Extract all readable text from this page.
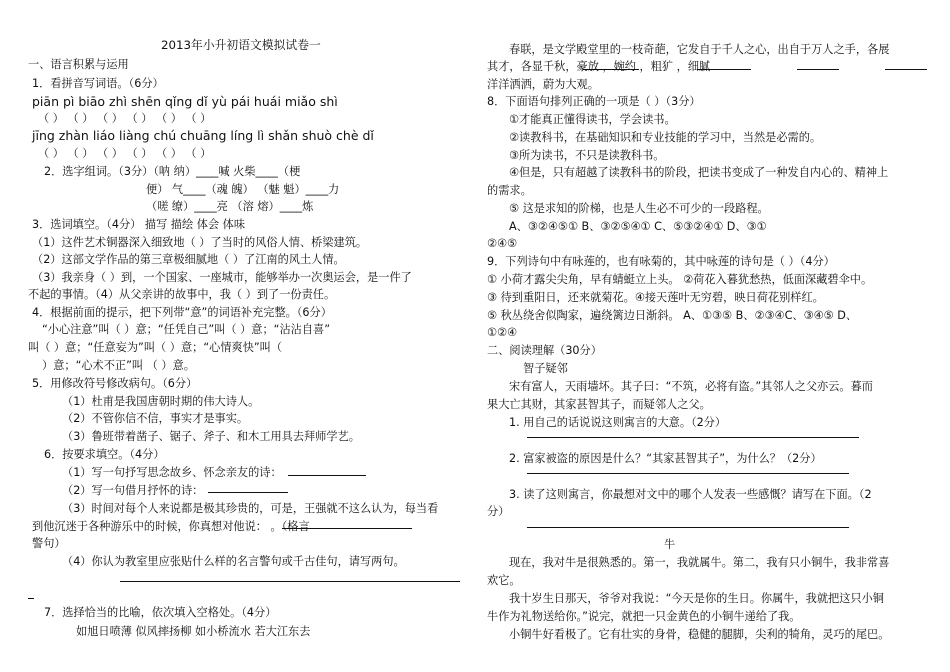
2013年小升初语文模拟试卷一
一、语言积累与运用
1．看拼音写词语。（6分）
piān pì biāo zhì shēn qǐng dǐ yù pái huái miǎo shì
（ ） （ ） （ ） （ ） （ ） （ ）
jīng zhàn liáo liàng chú chuāng líng lì shǎn shuò chè dǐ
（ ） （ ） （ ） （ ） （ ） （ ）
2．选字组词。（3分）（呐 纳）____喊 火柴____（梗
便） 气____（魂 魄） （魅 魁）____力
（嗟 缭）____亮 （溶 熔）____炼
3．选词填空。（4分） 描写 描绘 体会 体味
（1）这件艺术铜器深入细致地（ ）了当时的风俗人情、桥梁建筑。
（2）这部文学作品的第三章极细腻地（ ）了江南的风土人情。
（3）我亲身（ ）到，一个国家、一座城市，能够举办一次奥运会，是一件了
不起的事情。（4）从父亲讲的故事中，我（ ）到了一份责任。
4．根据前面的提示，把下列带“意”的词语补充完整。（6分）
“小心注意”叫（ ）意；“任凭自己”叫（ ）意；“沾沾自喜”
叫（ ）意；“任意妄为”叫（ ）意；“心情爽快”叫（
）意；“心术不正”叫 （ ）意。
5．用修改符号修改病句。（6分）
（1）杜甫是我国唐朝时期的伟大诗人。
（2）不管你信不信，事实才是事实。
（3）鲁班带着凿子、锯子、斧子、和木工用具去拜师学艺。
6．按要求填空。（4分）
（1）写一句抒写思念故乡、怀念亲友的诗：
（2）写一句借月抒怀的诗：
（3）时间对每个人来说都是极其珍贵的，可是，王强就不这么认为，每当看
到他沉迷于各种游乐中的时候，你真想对他说： 。（格言
警句）
（4）你认为教室里应张贴什么样的名言警句或千古佳句，请写两句。
7．选择恰当的比喻，依次填入空格处。（4分）
如旭日喷薄 似风摔扬柳 如小桥流水 若大江东去
春联，是文学殿堂里的一枝奇葩，它发自于千人之心，出自于万人之手，各展
其才，各显千秋，豪放 ，婉约 ，粗犷 ，细腻
洋洋洒洒，蔚为大观。
8．下面语句排列正确的一项是（ ）（3分）
①才能真正懂得读书，学会读书。
②读教科书，在基础知识和专业技能的学习中，当然是必需的。
③所为读书，不只是读教科书。
④但是，只有超越了读教科书的阶段，把读书变成了一种发自内心的、精神上
的需求。
⑤ 这是求知的阶梯，也是人生必不可少的一段路程。
A、③②④⑤① B、③②⑤④① C、⑤③②④① D、③①
②④⑤
9．下列诗句中有咏莲的，也有咏菊的，其中咏莲的诗句是（ ）（4分）
① 小荷才露尖尖角，早有蜻蜓立上头。 ②荷花入暮犹愁热，低面深藏碧伞中。
③ 待到重阳日，还来就菊花。④接天莲叶无穷碧，映日荷花别样红。
⑤ 秋丛绕舍似陶家，遍绕篱边日渐斜。 A、①③⑤ B、②③④C、③④⑤ D、
①②④
二、阅读理解（30分）
智子疑邻
宋有富人，天雨墙坏。其子曰：“不筑，必将有盗。”其邻人之父亦云。暮而
果大亡其财，其家甚智其子，而疑邻人之父。
1. 用自己的话说说这则寓言的大意。（2分）
2. 富家被盗的原因是什么？“其家甚智其子”，为什么？（2分）
3. 读了这则寓言，你最想对文中的哪个人发表一些感慨？请写在下面。（2
分）
牛
现在，我对牛是很熟悉的。第一，我就属牛。第二，我有只小铜牛，我非常喜
欢它。
我十岁生日那天，爷爷对我说：“今天是你的生日。你属牛，我就把这只小铜
牛作为礼物送给你。”说完，就把一只金黄色的小铜牛递给了我。
小铜牛好看极了。它有壮实的身骨，稳健的腿脚，尖利的犄角，灵巧的尾巴。
